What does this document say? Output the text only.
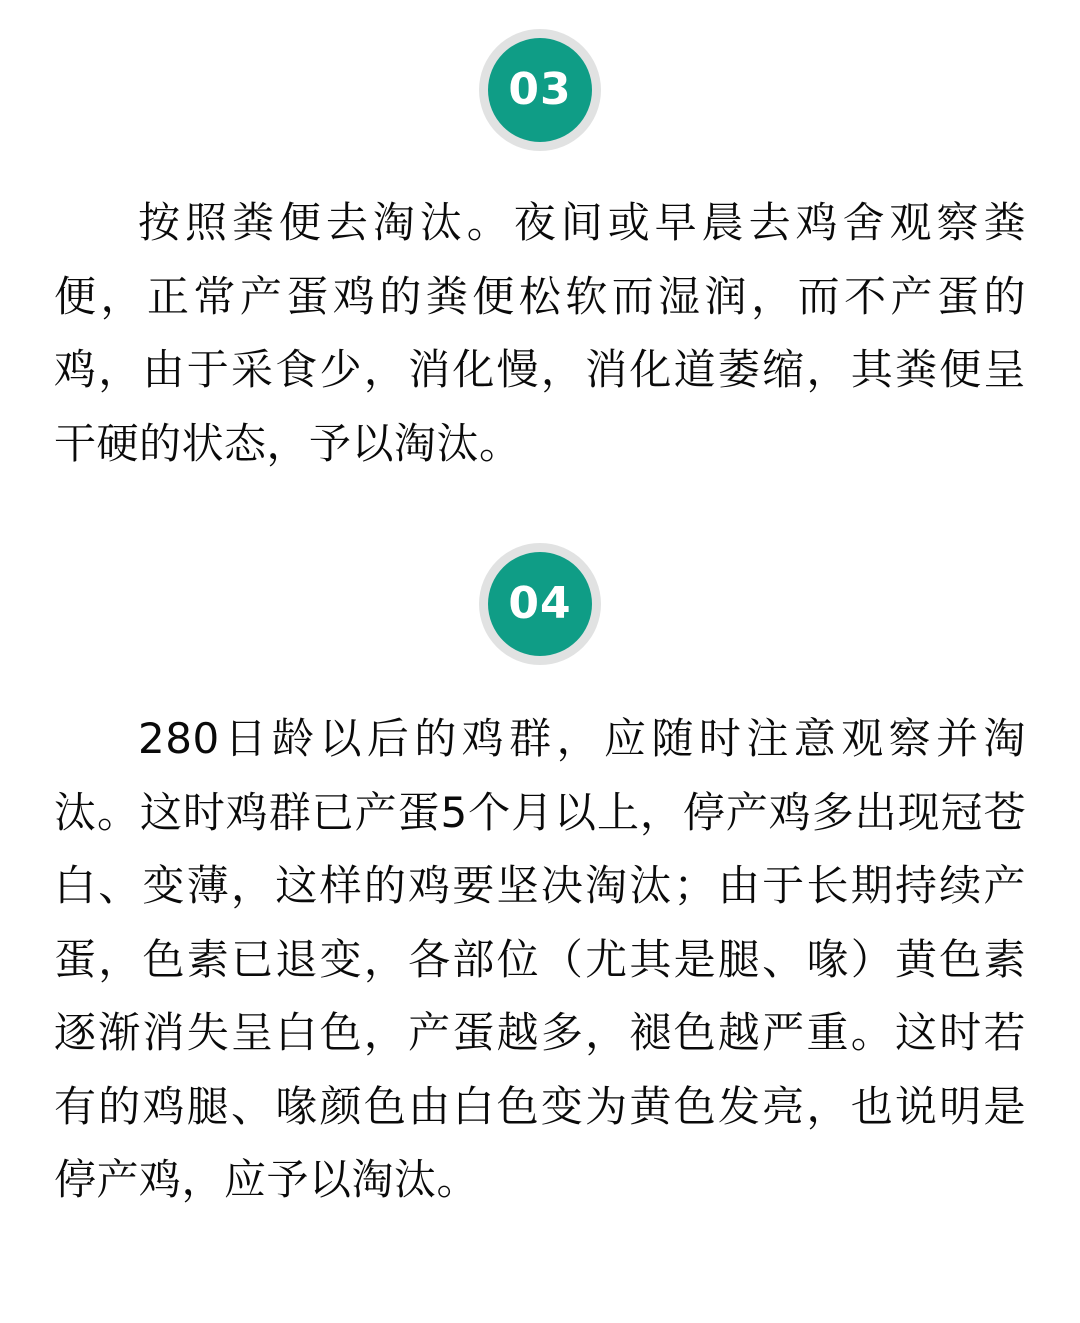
03

按照粪便去淘汰。夜间或早晨去鸡舍观察粪便，正常产蛋鸡的粪便松软而湿润，而不产蛋的鸡，由于采食少，消化慢，消化道萎缩，其粪便呈干硬的状态，予以淘汰。

04

280日龄以后的鸡群，应随时注意观察并淘汰。这时鸡群已产蛋5个月以上，停产鸡多出现冠苍白、变薄，这样的鸡要坚决淘汰；由于长期持续产蛋，色素已退变，各部位（尤其是腿、喙）黄色素逐渐消失呈白色，产蛋越多，褪色越严重。这时若有的鸡腿、喙颜色由白色变为黄色发亮，也说明是停产鸡，应予以淘汰。
